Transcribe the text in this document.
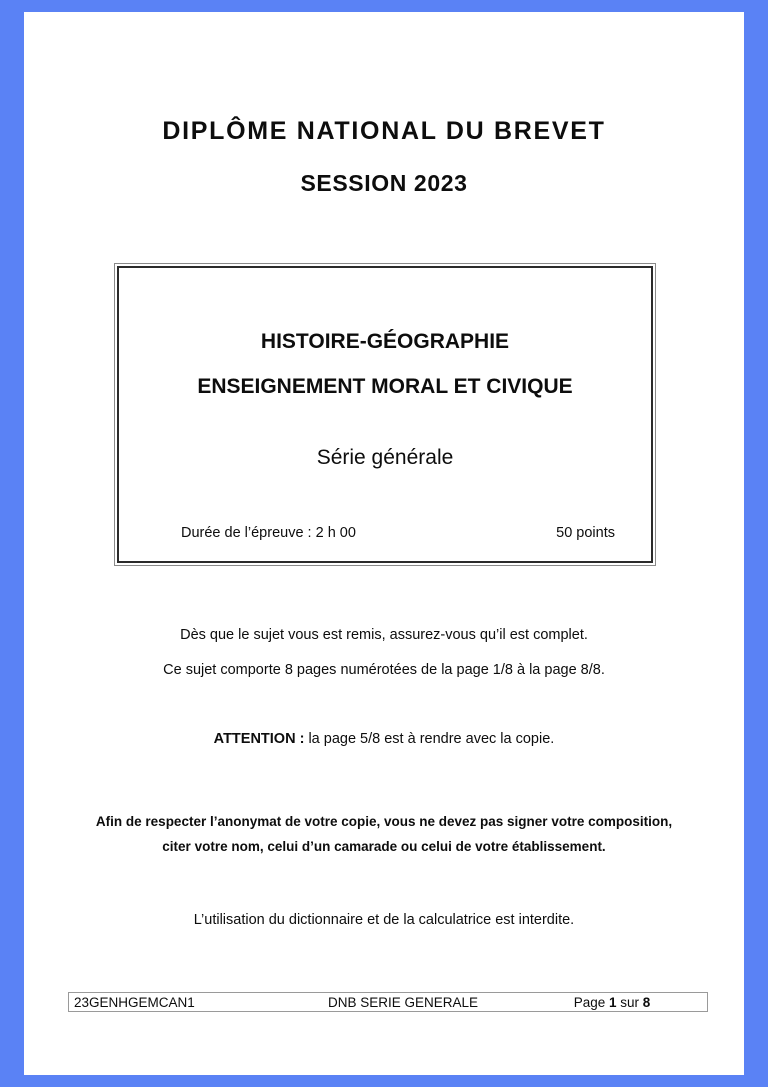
DIPLÔME NATIONAL DU BREVET
SESSION 2023
HISTOIRE-GÉOGRAPHIE
ENSEIGNEMENT MORAL ET CIVIQUE
Série générale
Durée de l’épreuve : 2 h 00	50 points
Dès que le sujet vous est remis, assurez-vous qu’il est complet.
Ce sujet comporte 8 pages numérotées de la page 1/8 à la page 8/8.
ATTENTION : la page 5/8 est à rendre avec la copie.
Afin de respecter l’anonymat de votre copie, vous ne devez pas signer votre composition,
citer votre nom, celui d’un camarade ou celui de votre établissement.
L’utilisation du dictionnaire et de la calculatrice est interdite.
23GENHGEMCAN1	DNB SERIE GENERALE	Page 1 sur 8
